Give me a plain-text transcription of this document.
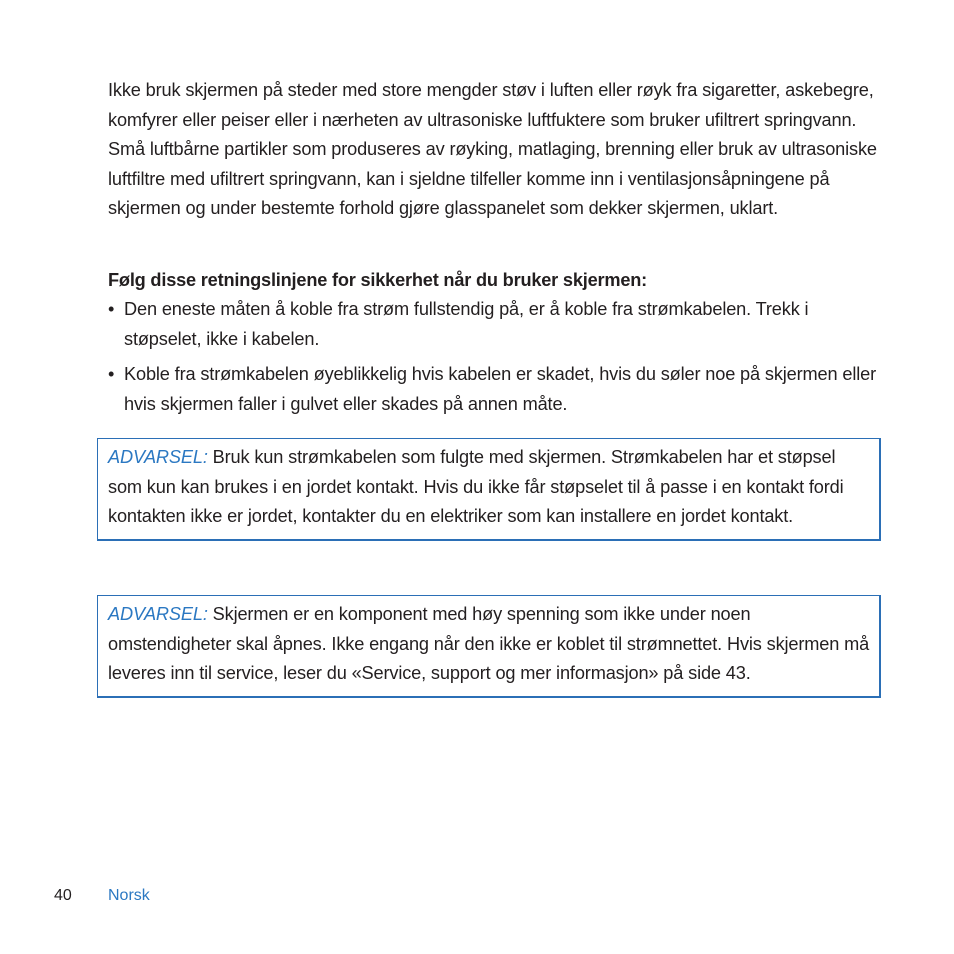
Ikke bruk skjermen på steder med store mengder støv i luften eller røyk fra sigaretter, askebegre, komfyrer eller peiser eller i nærheten av ultrasoniske luftfuktere som bruker ufiltrert springvann. Små luftbårne partikler som produseres av røyking, matlaging, brenning eller bruk av ultrasoniske luftfiltre med ufiltrert springvann, kan i sjeldne tilfeller komme inn i ventilasjonsåpningene på skjermen og under bestemte forhold gjøre glasspanelet som dekker skjermen, uklart.

Følg disse retningslinjene for sikkerhet når du bruker skjermen:

• Den eneste måten å koble fra strøm fullstendig på, er å koble fra strømkabelen. Trekk i støpselet, ikke i kabelen.
• Koble fra strømkabelen øyeblikkelig hvis kabelen er skadet, hvis du søler noe på skjermen eller hvis skjermen faller i gulvet eller skades på annen måte.
ADVARSEL: Bruk kun strømkabelen som fulgte med skjermen. Strømkabelen har et støpsel som kun kan brukes i en jordet kontakt. Hvis du ikke får støpselet til å passe i en kontakt fordi kontakten ikke er jordet, kontakter du en elektriker som kan installere en jordet kontakt.
ADVARSEL: Skjermen er en komponent med høy spenning som ikke under noen omstendigheter skal åpnes. Ikke engang når den ikke er koblet til strømnettet. Hvis skjermen må leveres inn til service, leser du «Service, support og mer informasjon» på side 43.
40 Norsk
